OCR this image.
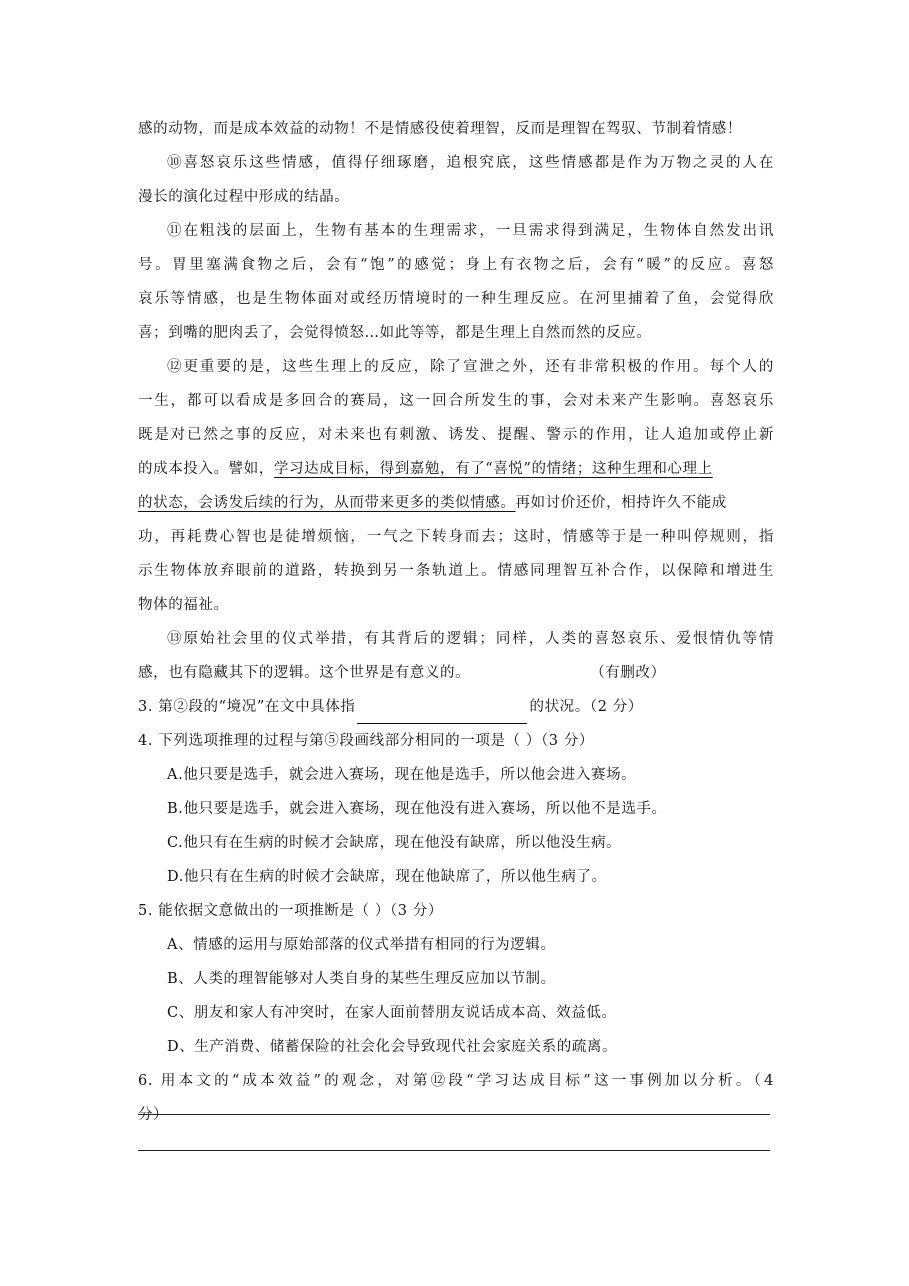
感的动物，而是成本效益的动物！不是情感役使着理智，反而是理智在驾驭、节制着情感！
⑩喜怒哀乐这些情感，值得仔细琢磨，追根究底，这些情感都是作为万物之灵的人在
漫长的演化过程中形成的结晶。
⑪在粗浅的层面上，生物有基本的生理需求，一旦需求得到满足，生物体自然发出讯
号。胃里塞满食物之后，会有“饱”的感觉；身上有衣物之后，会有“暖”的反应。喜怒
哀乐等情感，也是生物体面对或经历情境时的一种生理反应。在河里捕着了鱼，会觉得欣
喜；到嘴的肥肉丢了，会觉得愤怒…如此等等，都是生理上自然而然的反应。
⑫更重要的是，这些生理上的反应，除了宣泄之外，还有非常积极的作用。每个人的
一生，都可以看成是多回合的赛局，这一回合所发生的事，会对未来产生影响。喜怒哀乐
既是对已然之事的反应，对未来也有刺激、诱发、提醒、警示的作用，让人追加或停止新
的成本投入。譬如，学习达成目标，得到嘉勉，有了“喜悦”的情绪；这种生理和心理上
的状态，会诱发后续的行为，从而带来更多的类似情感。再如讨价还价，相持许久不能成
功，再耗费心智也是徒增烦恼，一气之下转身而去；这时，情感等于是一种叫停规则，指
示生物体放弃眼前的道路，转换到另一条轨道上。情感同理智互补合作，以保障和增进生
物体的福祉。
⑬原始社会里的仪式举措，有其背后的逻辑；同样，人类的喜怒哀乐、爱恨情仇等情
感，也有隐藏其下的逻辑。这个世界是有意义的。	（有删改）
3. 第②段的“境况”在文中具体指	的状况。（2 分）
4. 下列选项推理的过程与第⑤段画线部分相同的一项是（ ）（3 分）
A.他只要是选手，就会进入赛场，现在他是选手，所以他会进入赛场。
B.他只要是选手，就会进入赛场，现在他没有进入赛场，所以他不是选手。
C.他只有在生病的时候才会缺席，现在他没有缺席，所以他没生病。
D.他只有在生病的时候才会缺席，现在他缺席了，所以他生病了。
5. 能依据文意做出的一项推断是（ ）（3 分）
A、情感的运用与原始部落的仪式举措有相同的行为逻辑。
B、人类的理智能够对人类自身的某些生理反应加以节制。
C、朋友和家人有冲突时，在家人面前替朋友说话成本高、效益低。
D、生产消费、储蓄保险的社会化会导致现代社会家庭关系的疏离。
6. 用本文的“成本效益”的观念，对第⑫段“学习达成目标”这一事例加以分析。（4
分）
